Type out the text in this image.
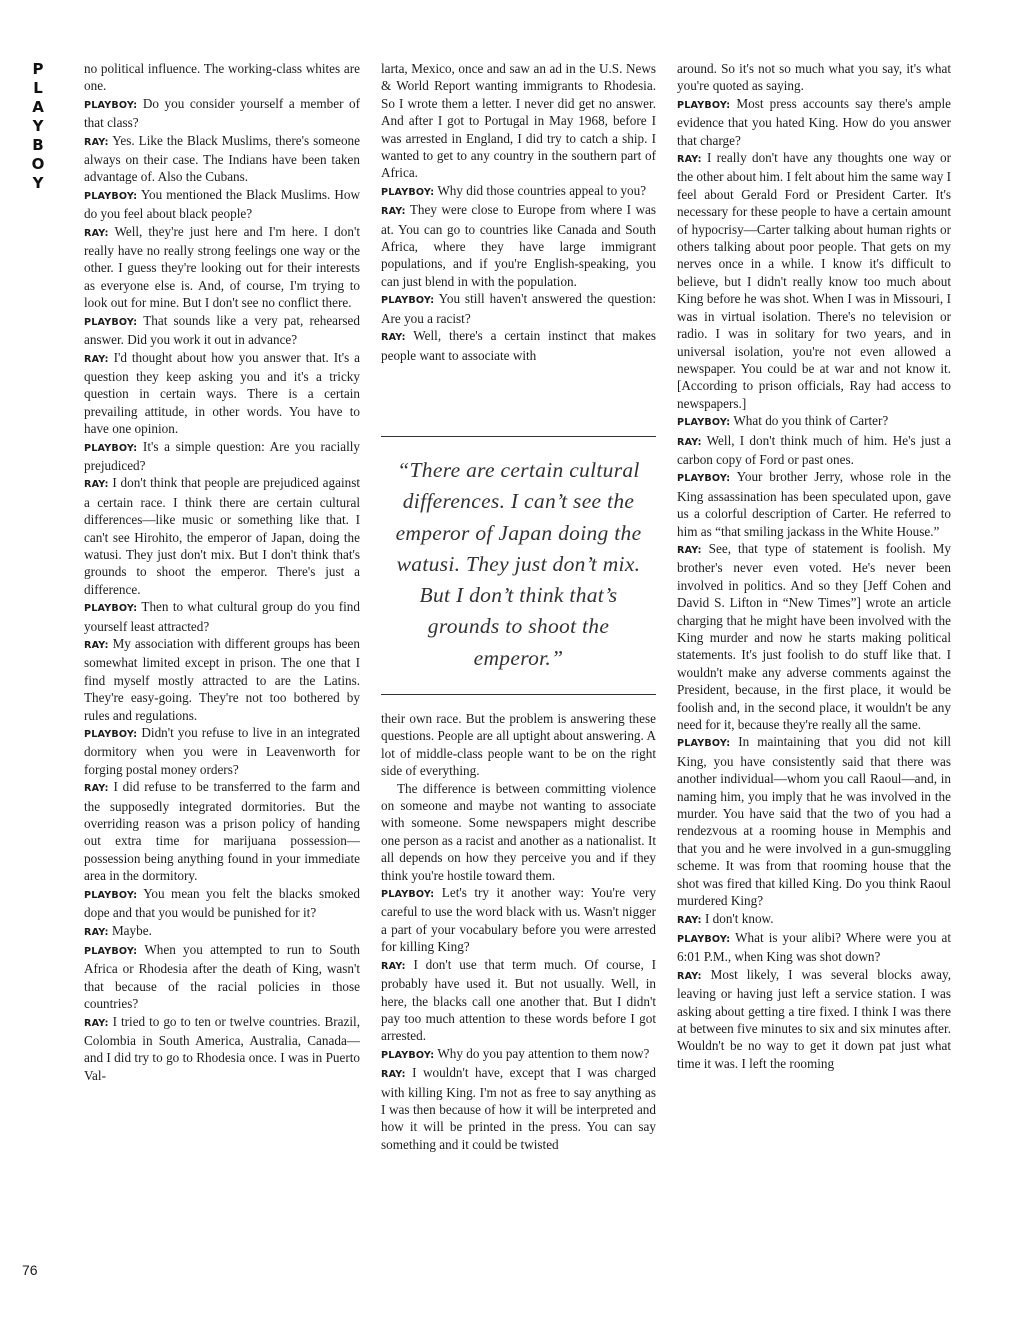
P
L
A
Y
B
O
Y
76

no political influence. The working-class whites are one.

PLAYBOY: Do you consider yourself a member of that class?

RAY: Yes. Like the Black Muslims, there's someone always on their case. The Indians have been taken advantage of. Also the Cubans.

PLAYBOY: You mentioned the Black Muslims. How do you feel about black people?

RAY: Well, they're just here and I'm here. I don't really have no really strong feelings one way or the other. I guess they're looking out for their interests as everyone else is. And, of course, I'm trying to look out for mine. But I don't see no conflict there.

PLAYBOY: That sounds like a very pat, rehearsed answer. Did you work it out in advance?

RAY: I'd thought about how you answer that. It's a question they keep asking you and it's a tricky question in certain ways. There is a certain prevailing attitude, in other words. You have to have one opinion.

PLAYBOY: It's a simple question: Are you racially prejudiced?

RAY: I don't think that people are prejudiced against a certain race. I think there are certain cultural differences—like music or something like that. I can't see Hirohito, the emperor of Japan, doing the watusi. They just don't mix. But I don't think that's grounds to shoot the emperor. There's just a difference.

PLAYBOY: Then to what cultural group do you find yourself least attracted?

RAY: My association with different groups has been somewhat limited except in prison. The one that I find myself mostly attracted to are the Latins. They're easy-going. They're not too bothered by rules and regulations.

PLAYBOY: Didn't you refuse to live in an integrated dormitory when you were in Leavenworth for forging postal money orders?

RAY: I did refuse to be transferred to the farm and the supposedly integrated dormitories. But the overriding reason was a prison policy of handing out extra time for marijuana possession—possession being anything found in your immediate area in the dormitory.

PLAYBOY: You mean you felt the blacks smoked dope and that you would be punished for it?

RAY: Maybe.

PLAYBOY: When you attempted to run to South Africa or Rhodesia after the death of King, wasn't that because of the racial policies in those countries?

RAY: I tried to go to ten or twelve countries. Brazil, Colombia in South America, Australia, Canada—and I did try to go to Rhodesia once. I was in Puerto Val-

larta, Mexico, once and saw an ad in the U.S. News & World Report wanting immigrants to Rhodesia. So I wrote them a letter. I never did get no answer. And after I got to Portugal in May 1968, before I was arrested in England, I did try to catch a ship. I wanted to get to any country in the southern part of Africa.

PLAYBOY: Why did those countries appeal to you?

RAY: They were close to Europe from where I was at. You can go to countries like Canada and South Africa, where they have large immigrant populations, and if you're English-speaking, you can just blend in with the population.

PLAYBOY: You still haven't answered the question: Are you a racist?

RAY: Well, there's a certain instinct that makes people want to associate with

“There are certain cultural differences. I can’t see the emperor of Japan doing the watusi. They just don’t mix. But I don’t think that’s grounds to shoot the emperor.”

their own race. But the problem is answering these questions. People are all uptight about answering. A lot of middle-class people want to be on the right side of everything.

The difference is between committing violence on someone and maybe not wanting to associate with someone. Some newspapers might describe one person as a racist and another as a nationalist. It all depends on how they perceive you and if they think you're hostile toward them.

PLAYBOY: Let's try it another way: You're very careful to use the word black with us. Wasn't nigger a part of your vocabulary before you were arrested for killing King?

RAY: I don't use that term much. Of course, I probably have used it. But not usually. Well, in here, the blacks call one another that. But I didn't pay too much attention to these words before I got arrested.

PLAYBOY: Why do you pay attention to them now?

RAY: I wouldn't have, except that I was charged with killing King. I'm not as free to say anything as I was then because of how it will be interpreted and how it will be printed in the press. You can say something and it could be twisted

around. So it's not so much what you say, it's what you're quoted as saying.

PLAYBOY: Most press accounts say there's ample evidence that you hated King. How do you answer that charge?

RAY: I really don't have any thoughts one way or the other about him. I felt about him the same way I feel about Gerald Ford or President Carter. It's necessary for these people to have a certain amount of hypocrisy—Carter talking about human rights or others talking about poor people. That gets on my nerves once in a while. I know it's difficult to believe, but I didn't really know too much about King before he was shot. When I was in Missouri, I was in virtual isolation. There's no television or radio. I was in solitary for two years, and in universal isolation, you're not even allowed a newspaper. You could be at war and not know it. [According to prison officials, Ray had access to newspapers.]

PLAYBOY: What do you think of Carter?

RAY: Well, I don't think much of him. He's just a carbon copy of Ford or past ones.

PLAYBOY: Your brother Jerry, whose role in the King assassination has been speculated upon, gave us a colorful description of Carter. He referred to him as “that smiling jackass in the White House.”

RAY: See, that type of statement is foolish. My brother's never even voted. He's never been involved in politics. And so they [Jeff Cohen and David S. Lifton in “New Times”] wrote an article charging that he might have been involved with the King murder and now he starts making political statements. It's just foolish to do stuff like that. I wouldn't make any adverse comments against the President, because, in the first place, it would be foolish and, in the second place, it wouldn't be any need for it, because they're really all the same.

PLAYBOY: In maintaining that you did not kill King, you have consistently said that there was another individual—whom you call Raoul—and, in naming him, you imply that he was involved in the murder. You have said that the two of you had a rendezvous at a rooming house in Memphis and that you and he were involved in a gun-smuggling scheme. It was from that rooming house that the shot was fired that killed King. Do you think Raoul murdered King?

RAY: I don't know.

PLAYBOY: What is your alibi? Where were you at 6:01 P.M., when King was shot down?

RAY: Most likely, I was several blocks away, leaving or having just left a service station. I was asking about getting a tire fixed. I think I was there at between five minutes to six and six minutes after. Wouldn't be no way to get it down pat just what time it was. I left the rooming
